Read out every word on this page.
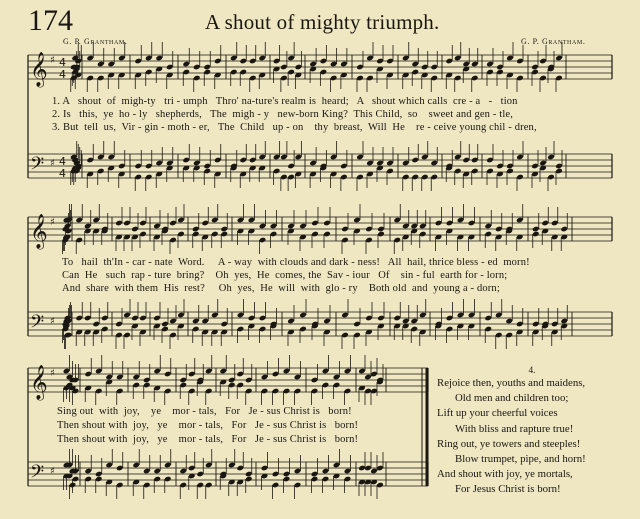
174	A shout of mighty triumph.
G. P. Grantham.	G. P. Grantham.
𝄞
𝄢
♯
♯
4
4
4
4
𝄞
𝄢
♯
♯
𝄞
𝄢
♯
♯
1. A   shout  of  migh-ty   tri - umph   Thro' na-ture's realm is  heard;   A   shout which calls  cre - a   -   tion
2. Is   this,  ye  ho - ly   shepherds,   The  migh - y   new-born King?  This Child,  so    sweet and gen - tle,
3. But  tell  us,  Vir - gin - moth - er,   The  Child   up - on    thy  breast,  Will  He    re - ceive young chil - dren,
To   hail  th'In - car - nate  Word.     A - way  with clouds and dark - ness!   All  hail, thrice bless - ed  morn!
Can  He   such  rap - ture  bring?    Oh  yes,  He  comes, the  Sav - iour   Of    sin - ful  earth for - lorn;
And  share  with them  His  rest?     Oh  yes,  He  will  with  glo - ry    Both old  and  young a - dorn;
Sing out  with  joy,    ye    mor - tals,   For   Je - sus Christ is   born!
Then shout with  joy,   ye    mor - tals,   For   Je - sus Christ is   born!
Then shout with  joy,   ye    mor - tals,   For   Je - sus Christ is   born!
4.
Rejoice then, youths and maidens,
Old men and children too;
Lift up your cheerful voices
With bliss and rapture true!
Ring out, ye towers and steeples!
Blow trumpet, pipe, and horn!
And shout with joy, ye mortals,
For Jesus Christ is born!
